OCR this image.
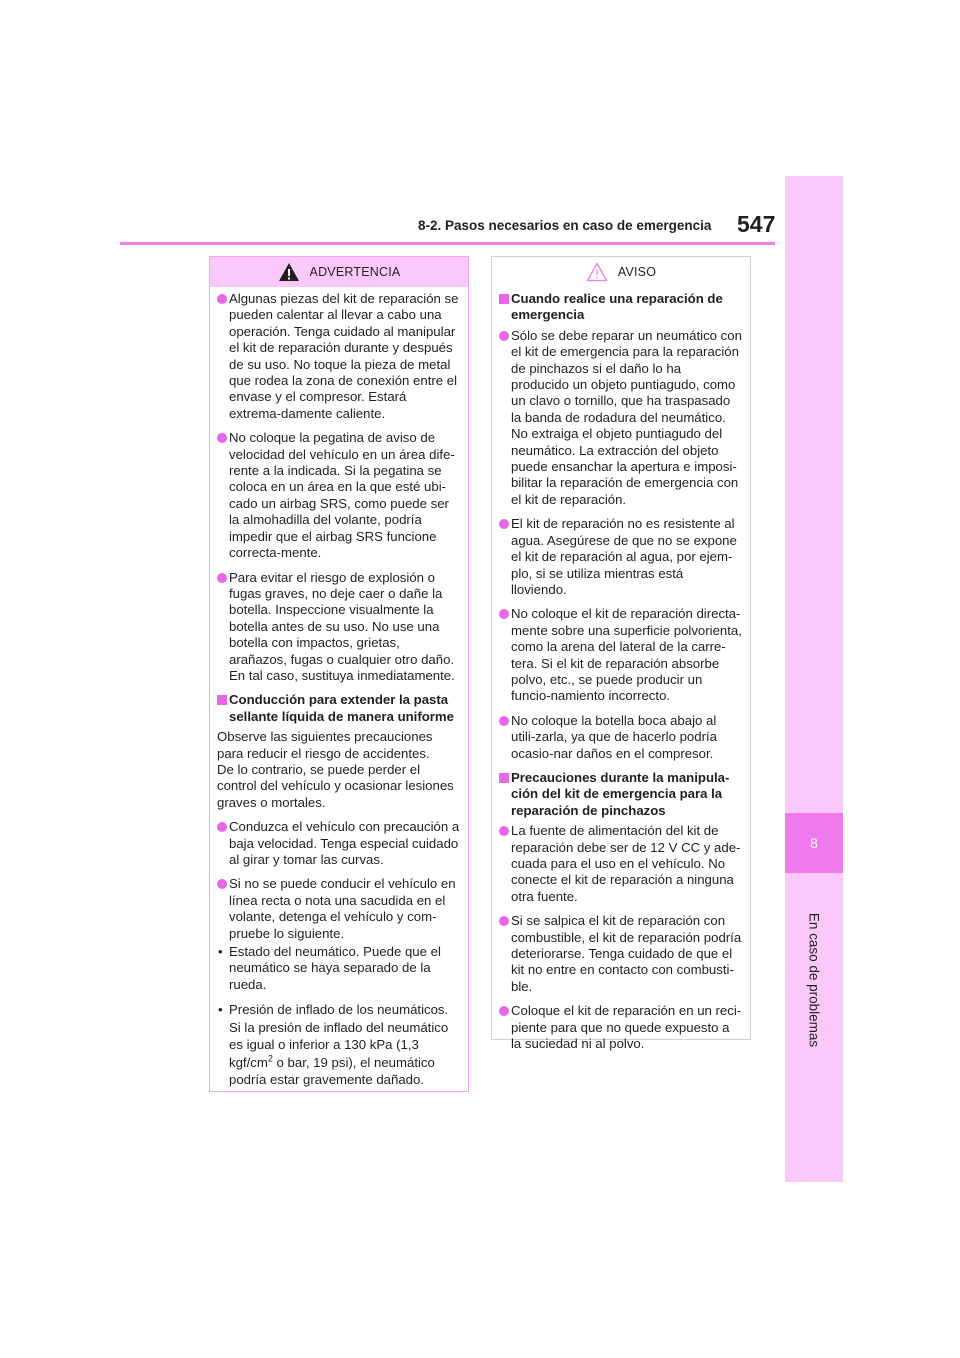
8
En caso de problemas
8-2. Pasos necesarios en caso de emergencia 547
ADVERTENCIA
Algunas piezas del kit de reparación se pueden calentar al llevar a cabo una operación. Tenga cuidado al manipular el kit de reparación durante y después de su uso. No toque la pieza de metal que rodea la zona de conexión entre el envase y el compresor. Estará extrema-damente caliente.
No coloque la pegatina de aviso de velocidad del vehículo en un área dife-rente a la indicada. Si la pegatina se coloca en un área en la que esté ubi-cado un airbag SRS, como puede ser la almohadilla del volante, podría impedir que el airbag SRS funcione correcta-mente.
Para evitar el riesgo de explosión o fugas graves, no deje caer o dañe la botella. Inspeccione visualmente la botella antes de su uso. No use una botella con impactos, grietas, arañazos, fugas o cualquier otro daño. En tal caso, sustituya inmediatamente.
Conducción para extender la pasta sellante líquida de manera uniforme
Observe las siguientes precauciones para reducir el riesgo de accidentes.
De lo contrario, se puede perder el control del vehículo y ocasionar lesiones graves o mortales.
Conduzca el vehículo con precaución a baja velocidad. Tenga especial cuidado al girar y tomar las curvas.
Si no se puede conducir el vehículo en línea recta o nota una sacudida en el volante, detenga el vehículo y com-pruebe lo siguiente.
• Estado del neumático. Puede que el neumático se haya separado de la rueda.
• Presión de inflado de los neumáticos. Si la presión de inflado del neumático es igual o inferior a 130 kPa (1,3 kgf/$cm^2$ o bar, 19 psi), el neumático podría estar gravemente dañado.
AVISO
Cuando realice una reparación de emergencia
Sólo se debe reparar un neumático con el kit de emergencia para la reparación de pinchazos si el daño lo ha producido un objeto puntiagudo, como un clavo o tornillo, que ha traspasado la banda de rodadura del neumático.
No extraiga el objeto puntiagudo del neumático. La extracción del objeto puede ensanchar la apertura e imposi-bilitar la reparación de emergencia con el kit de reparación.
El kit de reparación no es resistente al agua. Asegúrese de que no se expone el kit de reparación al agua, por ejem-plo, si se utiliza mientras está lloviendo.
No coloque el kit de reparación directa-mente sobre una superficie polvorienta, como la arena del lateral de la carre-tera. Si el kit de reparación absorbe polvo, etc., se puede producir un funcio-namiento incorrecto.
No coloque la botella boca abajo al utili-zarla, ya que de hacerlo podría ocasio-nar daños en el compresor.
Precauciones durante la manipula-ción del kit de emergencia para la reparación de pinchazos
La fuente de alimentación del kit de reparación debe ser de 12 V CC y ade-cuada para el uso en el vehículo. No conecte el kit de reparación a ninguna otra fuente.
Si se salpica el kit de reparación con combustible, el kit de reparación podría deteriorarse. Tenga cuidado de que el kit no entre en contacto con combusti-ble.
Coloque el kit de reparación en un reci-piente para que no quede expuesto a la suciedad ni al polvo.
